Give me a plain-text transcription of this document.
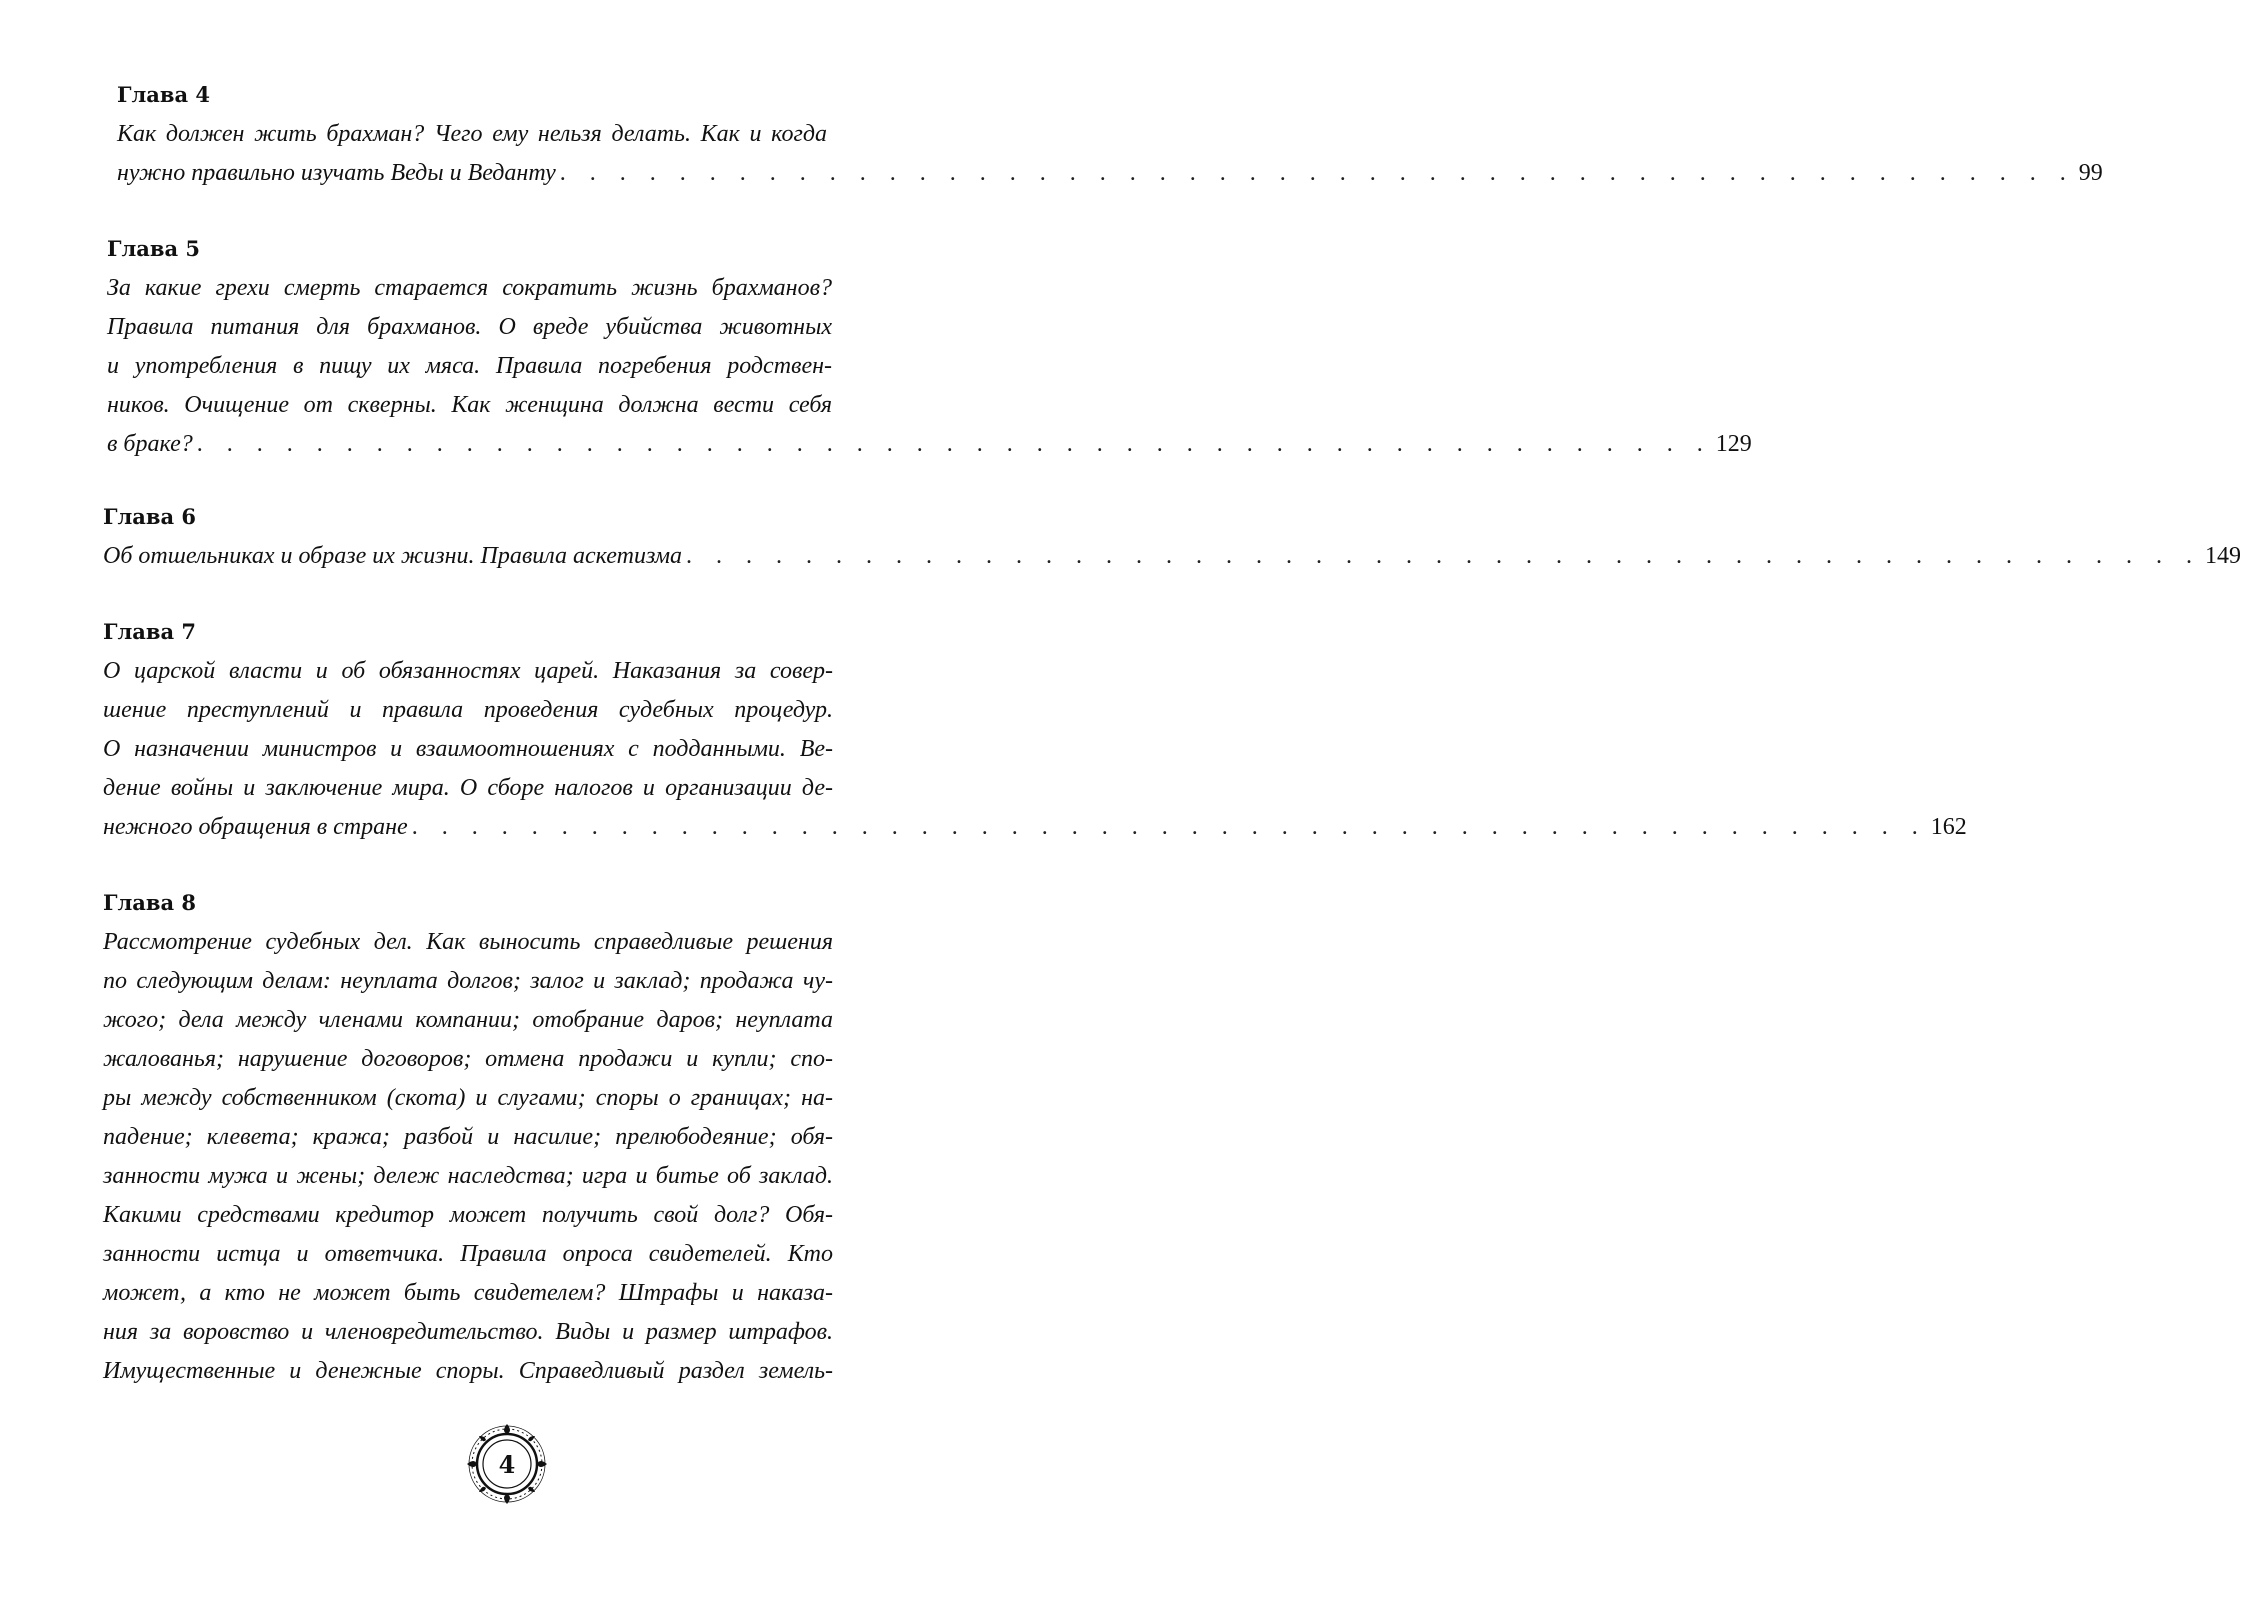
Глава 4
Как должен жить брахман? Чего ему нельзя делать. Как и когда
нужно правильно изучать Веды и Веданту . . . . . . . . . . . . . . . . . . . . . . . . . . . . . . . . . . . . . . . . . . . . . . . . . . . 99
Глава 5
За какие грехи смерть старается сократить жизнь брахманов?
Правила питания для брахманов. О вреде убийства животных
и употребления в пищу их мяса. Правила погребения родствен-
ников. Очищение от скверны. Как женщина должна вести себя
в браке? . . . . . . . . . . . . . . . . . . . . . . . . . . . . . . . . . . . . . . . . . . . . . . . . . . . 129
Глава 6
Об отшельниках и образе их жизни. Правила аскетизма . . . . . . . . . . . . . . . . . . . . . . . . . . . . . . . . . . . . . . . . . . . . . . . . . . . 149
Глава 7
О царской власти и об обязанностях царей. Наказания за совер-
шение преступлений и правила проведения судебных процедур.
О назначении министров и взаимоотношениях с подданными. Ве-
дение войны и заключение мира. О сборе налогов и организации де-
нежного обращения в стране . . . . . . . . . . . . . . . . . . . . . . . . . . . . . . . . . . . . . . . . . . . . . . . . . . . 162
Глава 8
Рассмотрение судебных дел. Как выносить справедливые решения
по следующим делам: неуплата долгов; залог и заклад; продажа чу-
жого; дела между членами компании; отобрание даров; неуплата
жалованья; нарушение договоров; отмена продажи и купли; спо-
ры между собственником (скота) и слугами; споры о границах; на-
падение; клевета; кража; разбой и насилие; прелюбодеяние; обя-
занности мужа и жены; дележ наследства; игра и битье об заклад.
Какими средствами кредитор может получить свой долг? Обя-
занности истца и ответчика. Правила опроса свидетелей. Кто
может, а кто не может быть свидетелем? Штрафы и наказа-
ния за воровство и членовредительство. Виды и размер штрафов.
Имущественные и денежные споры. Справедливый раздел земель-
4
